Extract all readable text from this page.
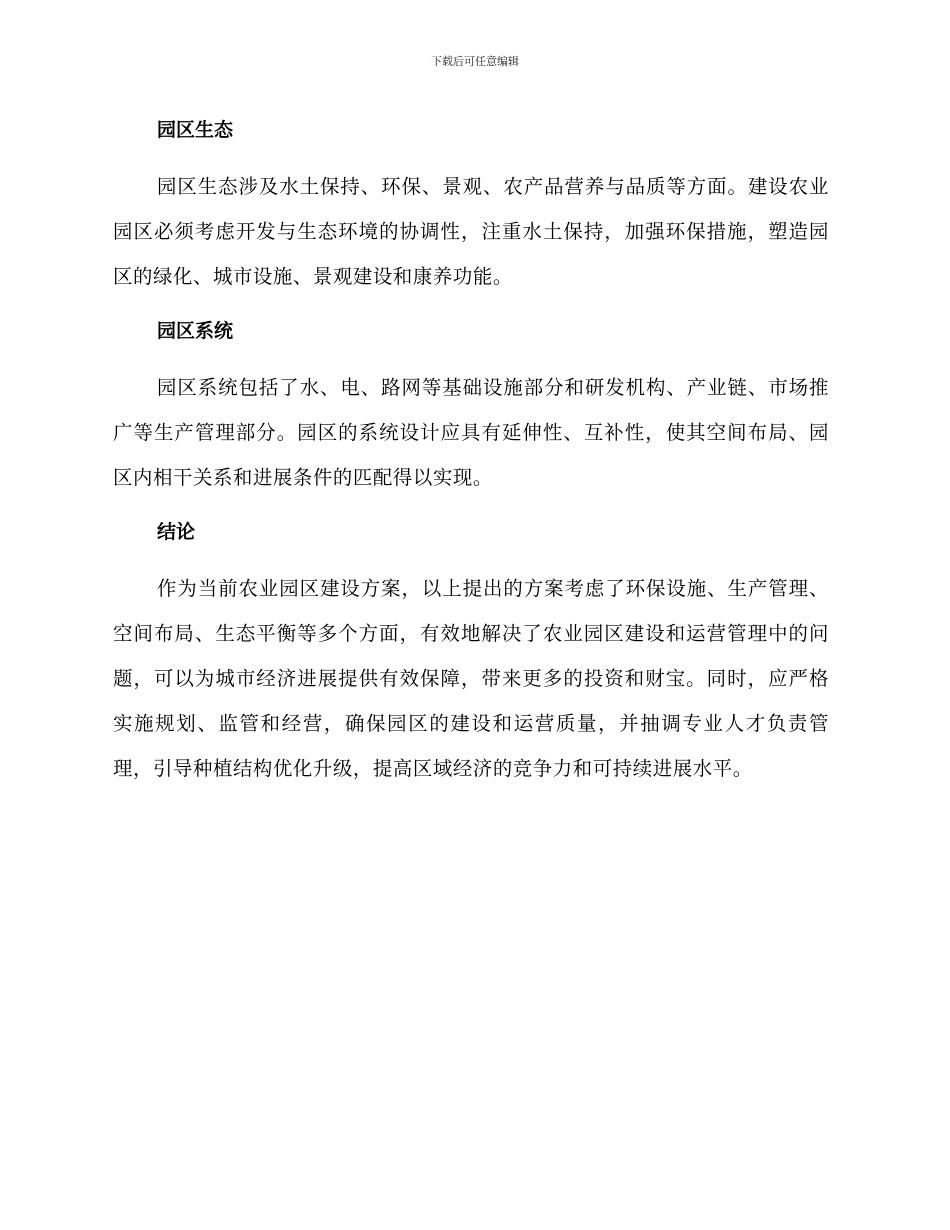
下载后可任意编辑
园区生态

园区生态涉及水土保持、环保、景观、农产品营养与品质等方面。建设农业园区必须考虑开发与生态环境的协调性，注重水土保持，加强环保措施，塑造园区的绿化、城市设施、景观建设和康养功能。

园区系统

园区系统包括了水、电、路网等基础设施部分和研发机构、产业链、市场推广等生产管理部分。园区的系统设计应具有延伸性、互补性，使其空间布局、园区内相干关系和进展条件的匹配得以实现。

结论

作为当前农业园区建设方案，以上提出的方案考虑了环保设施、生产管理、空间布局、生态平衡等多个方面，有效地解决了农业园区建设和运营管理中的问题，可以为城市经济进展提供有效保障，带来更多的投资和财宝。同时，应严格实施规划、监管和经营，确保园区的建设和运营质量，并抽调专业人才负责管理，引导种植结构优化升级，提高区域经济的竞争力和可持续进展水平。
